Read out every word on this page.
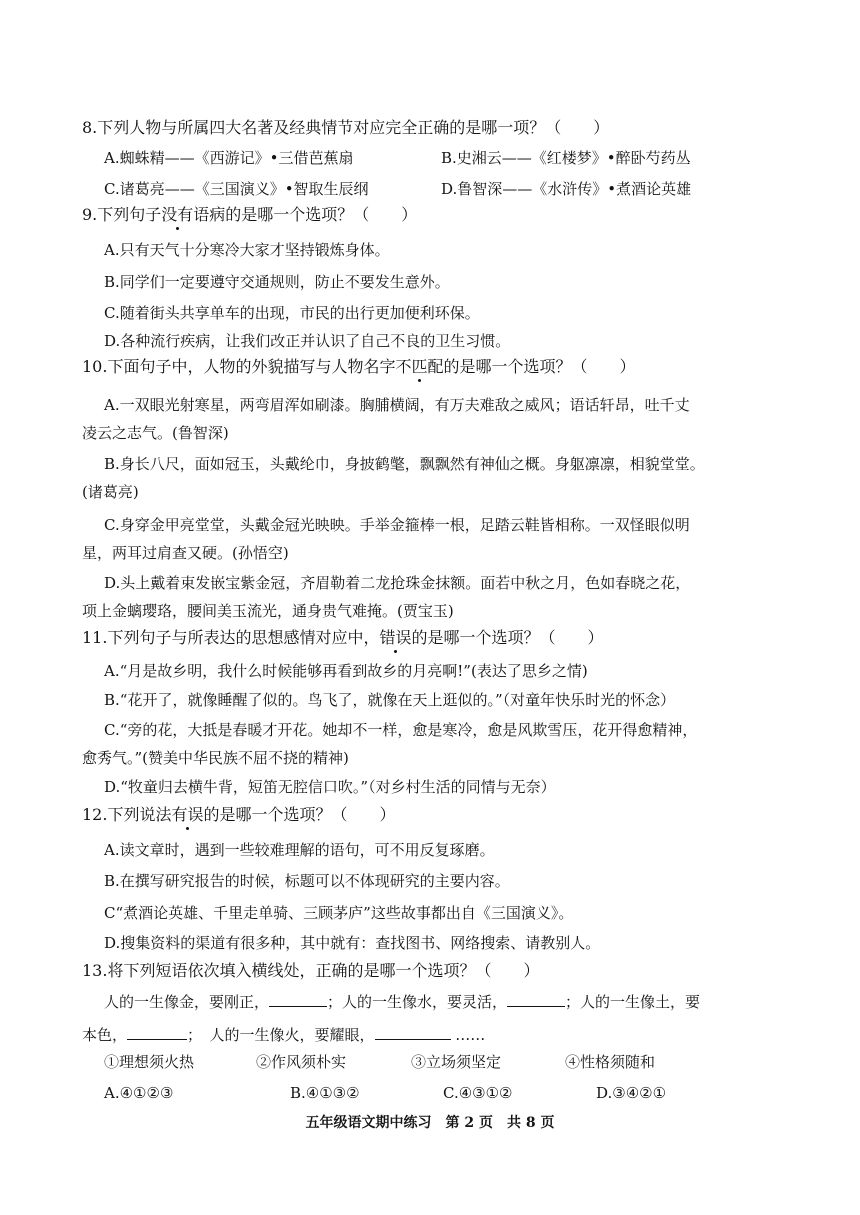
8.下列人物与所属四大名著及经典情节对应完全正确的是哪一项？（　　）
A.蜘蛛精——《西游记》•三借芭蕉扇	B.史湘云——《红楼梦》•醉卧芍药丛
C.诸葛亮——《三国演义》•智取生辰纲	D.鲁智深——《水浒传》•煮酒论英雄
9.下列句子没有语病的是哪一个选项？（　　）
A.只有天气十分寒冷大家才坚持锻炼身体。
B.同学们一定要遵守交通规则，防止不要发生意外。
C.随着街头共享单车的出现，市民的出行更加便利环保。
D.各种流行疾病，让我们改正并认识了自己不良的卫生习惯。
10.下面句子中，人物的外貌描写与人物名字不匹配的是哪一个选项？（　　）
A.一双眼光射寒星，两弯眉浑如刷漆。胸脯横阔，有万夫难敌之威风；语话轩昂，吐千丈
凌云之志气。(鲁智深)
B.身长八尺，面如冠玉，头戴纶巾，身披鹤氅，飘飘然有神仙之概。身躯凛凛，相貌堂堂。
(诸葛亮)
C.身穿金甲亮堂堂，头戴金冠光映映。手举金箍棒一根，足踏云鞋皆相称。一双怪眼似明
星，两耳过肩查又硬。(孙悟空)
D.头上戴着束发嵌宝紫金冠，齐眉勒着二龙抢珠金抹额。面若中秋之月，色如春晓之花，
项上金螭璎珞，腰间美玉流光，通身贵气难掩。(贾宝玉)
11.下列句子与所表达的思想感情对应中，错误的是哪一个选项？（　　）
A.“月是故乡明，我什么时候能够再看到故乡的月亮啊!”(表达了思乡之情)
B.“花开了，就像睡醒了似的。鸟飞了，就像在天上逛似的。”（对童年快乐时光的怀念）
C.“旁的花，大抵是春暖才开花。她却不一样，愈是寒冷，愈是风欺雪压，花开得愈精神，
愈秀气。”(赞美中华民族不屈不挠的精神)
D.“牧童归去横牛背，短笛无腔信口吹。”（对乡村生活的同情与无奈）
12.下列说法有误的是哪一个选项？（　　）
A.读文章时，遇到一些较难理解的语句，可不用反复琢磨。
B.在撰写研究报告的时候，标题可以不体现研究的主要内容。
C“煮酒论英雄、千里走单骑、三顾茅庐”这些故事都出自《三国演义》。
D.搜集资料的渠道有很多种，其中就有：查找图书、网络搜索、请教别人。
13.将下列短语依次填入横线处，正确的是哪一个选项？（　　）
人的一生像金，要刚正，	；人的一生像水，要灵活，	；人的一生像土，要
本色，	；　人的一生像火，要耀眼，	……
①理想须火热	②作风须朴实	③立场须坚定	④性格须随和
A.④①②③	B.④①③②	C.④③①②	D.③④②①
五年级语文期中练习　第 2 页　共 8 页
